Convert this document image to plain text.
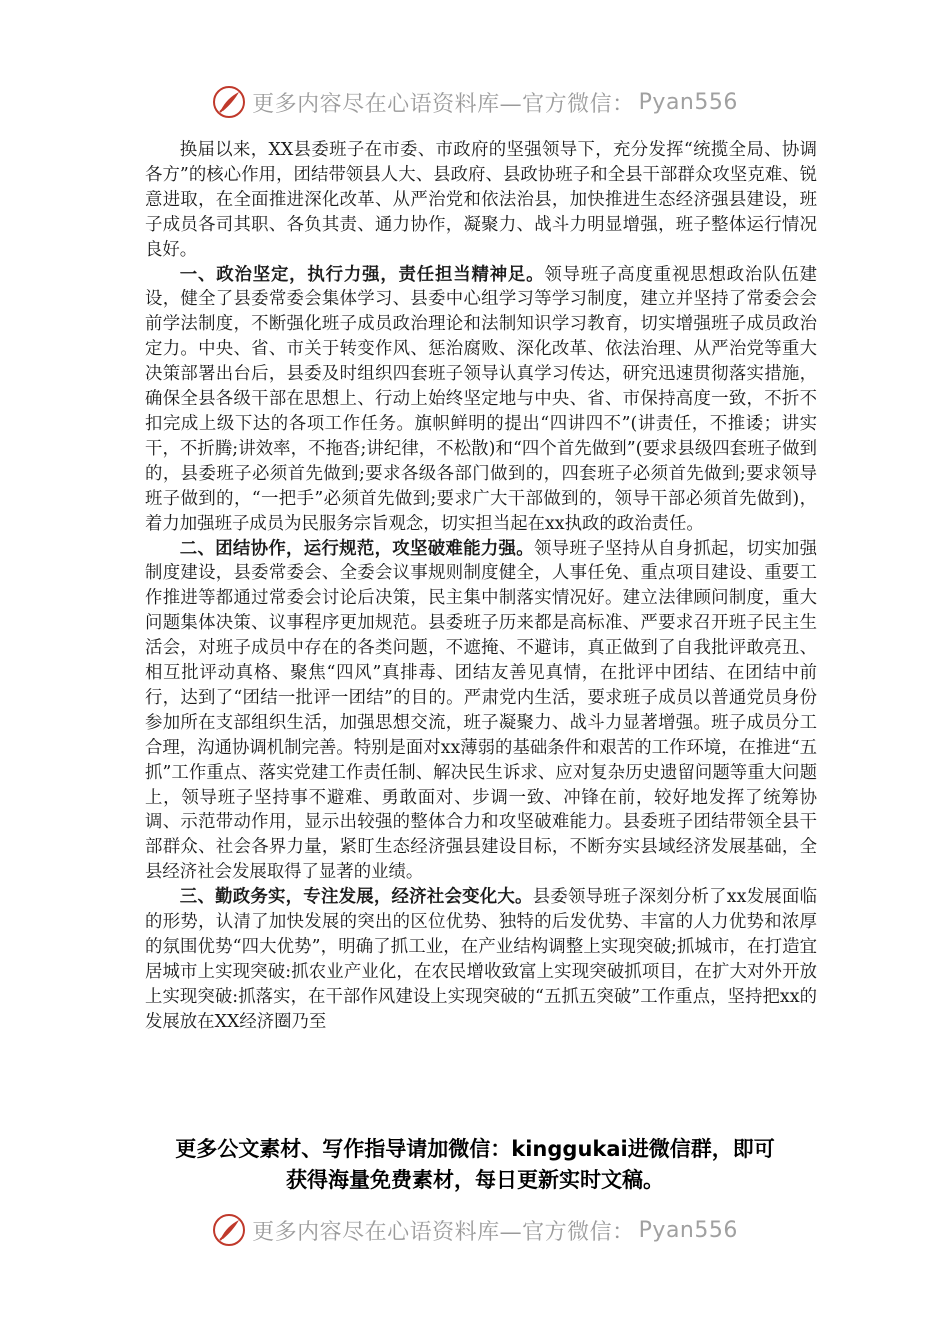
更多内容尽在心语资料库—官方微信： Pyan556

换届以来，XX县委班子在市委、市政府的坚强领导下，充分发挥“统揽全局、协调各方”的核心作用，团结带领县人大、县政府、县政协班子和全县干部群众攻坚克难、锐意进取，在全面推进深化改革、从严治党和依法治县，加快推进生态经济强县建设，班子成员各司其职、各负其责、通力协作，凝聚力、战斗力明显增强，班子整体运行情况良好。

一、政治坚定，执行力强，责任担当精神足。领导班子高度重视思想政治队伍建设，健全了县委常委会集体学习、县委中心组学习等学习制度，建立并坚持了常委会会前学法制度，不断强化班子成员政治理论和法制知识学习教育，切实增强班子成员政治定力。中央、省、市关于转变作风、惩治腐败、深化改革、依法治理、从严治党等重大决策部署出台后，县委及时组织四套班子领导认真学习传达，研究迅速贯彻落实措施，确保全县各级干部在思想上、行动上始终坚定地与中央、省、市保持高度一致，不折不扣完成上级下达的各项工作任务。旗帜鲜明的提出“四讲四不”(讲责任，不推诿；讲实干，不折腾;讲效率，不拖沓;讲纪律，不松散)和“四个首先做到”(要求县级四套班子做到的，县委班子必须首先做到;要求各级各部门做到的，四套班子必须首先做到;要求领导班子做到的，“一把手”必须首先做到;要求广大干部做到的，领导干部必须首先做到)，着力加强班子成员为民服务宗旨观念，切实担当起在xx执政的政治责任。

二、团结协作，运行规范，攻坚破难能力强。领导班子坚持从自身抓起，切实加强制度建设，县委常委会、全委会议事规则制度健全，人事任免、重点项目建设、重要工作推进等都通过常委会讨论后决策，民主集中制落实情况好。建立法律顾问制度，重大问题集体决策、议事程序更加规范。县委班子历来都是高标准、严要求召开班子民主生活会，对班子成员中存在的各类问题，不遮掩、不避讳，真正做到了自我批评敢亮丑、相互批评动真格、聚焦“四风”真排毒、团结友善见真情，在批评中团结、在团结中前行，达到了“团结一批评一团结”的目的。严肃党内生活，要求班子成员以普通党员身份参加所在支部组织生活，加强思想交流，班子凝聚力、战斗力显著增强。班子成员分工合理，沟通协调机制完善。特别是面对xx薄弱的基础条件和艰苦的工作环境，在推进“五抓”工作重点、落实党建工作责任制、解决民生诉求、应对复杂历史遗留问题等重大问题上，领导班子坚持事不避难、勇敢面对、步调一致、冲锋在前，较好地发挥了统筹协调、示范带动作用，显示出较强的整体合力和攻坚破难能力。县委班子团结带领全县干部群众、社会各界力量，紧盯生态经济强县建设目标，不断夯实县域经济发展基础，全县经济社会发展取得了显著的业绩。

三、勤政务实，专注发展，经济社会变化大。县委领导班子深刻分析了xx发展面临的形势，认清了加快发展的突出的区位优势、独特的后发优势、丰富的人力优势和浓厚的氛围优势“四大优势”，明确了抓工业，在产业结构调整上实现突破;抓城市，在打造宜居城市上实现突破:抓农业产业化，在农民增收致富上实现突破抓项目，在扩大对外开放上实现突破:抓落实，在干部作风建设上实现突破的“五抓五突破”工作重点，坚持把xx的发展放在XX经济圈乃至

更多公文素材、写作指导请加微信：kinggukai进微信群，即可
获得海量免费素材，每日更新实时文稿。
更多内容尽在心语资料库—官方微信： Pyan556
